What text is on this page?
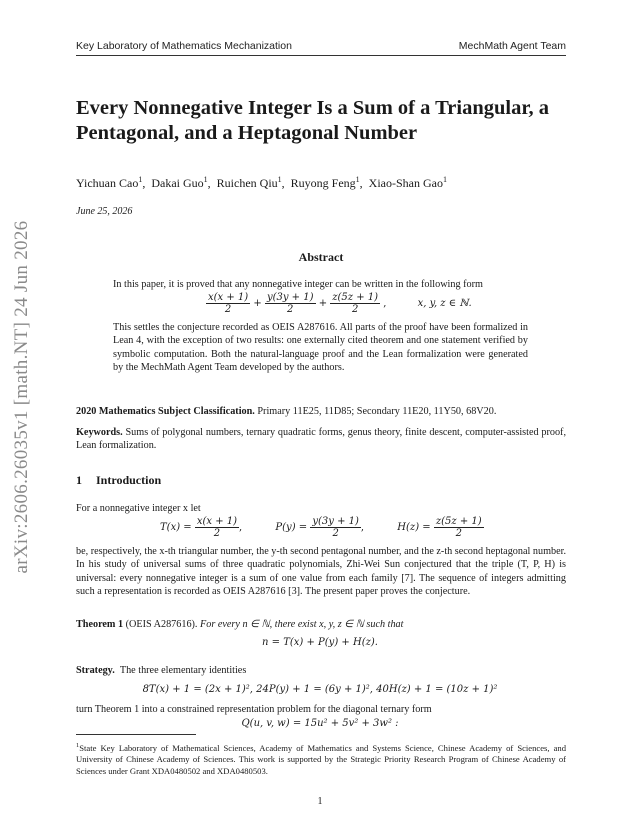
arXiv:2606.26035v1 [math.NT] 24 Jun 2026
Key Laboratory of Mathematics Mechanization	MechMath Agent Team
Every Nonnegative Integer Is a Sum of a Triangular, a Pentagonal, and a Heptagonal Number
Yichuan Cao$^1$,  Dakai Guo$^1$,  Ruichen Qiu$^1$,  Ruyong Feng$^1$,  Xiao-Shan Gao$^1$
June 25, 2026
Abstract
In this paper, it is proved that any nonnegative integer can be written in the following form
$\frac{x(x + 1)}{2} + \frac{y(3y + 1)}{2} + \frac{z(5z + 1)}{2}$ ,	x, y, z ∈ ℕ.
This settles the conjecture recorded as OEIS A287616. All parts of the proof have been formalized in Lean 4, with the exception of two results: one externally cited theorem and one statement verified by symbolic computation. Both the natural-language proof and the Lean formalization were generated by the MechMath Agent Team developed by the authors.
2020 Mathematics Subject Classification. Primary 11E25, 11D85; Secondary 11E20, 11Y50, 68V20.
Keywords. Sums of polygonal numbers, ternary quadratic forms, genus theory, finite descent, computer-assisted proof, Lean formalization.
1 Introduction
For a nonnegative integer x let
$T(x) = \frac{x(x + 1)}{2}$ ,	$P(y) = \frac{y(3y + 1)}{2}$ ,	$H(z) = \frac{z(5z + 1)}{2}$
be, respectively, the x-th triangular number, the y-th second pentagonal number, and the z-th second heptagonal number. In his study of universal sums of three quadratic polynomials, Zhi-Wei Sun conjectured that the triple (T, P, H) is universal: every nonnegative integer is a sum of one value from each family [7]. The sequence of integers admitting such a representation is recorded as OEIS A287616 [3]. The present paper proves the conjecture.
Theorem 1 (OEIS A287616). For every n ∈ ℕ, there exist x, y, z ∈ ℕ such that
n = T(x) + P(y) + H(z).
Strategy. The three elementary identities
8T(x) + 1 = (2x + 1)², 24P(y) + 1 = (6y + 1)², 40H(z) + 1 = (10z + 1)²
turn Theorem 1 into a constrained representation problem for the diagonal ternary form
Q(u, v, w) = 15u² + 5v² + 3w² :
$^1$State Key Laboratory of Mathematical Sciences, Academy of Mathematics and Systems Science, Chinese Academy of Sciences, and University of Chinese Academy of Sciences. This work is supported by the Strategic Priority Research Program of Chinese Academy of Sciences under Grant XDA0480502 and XDA0480503.
1
